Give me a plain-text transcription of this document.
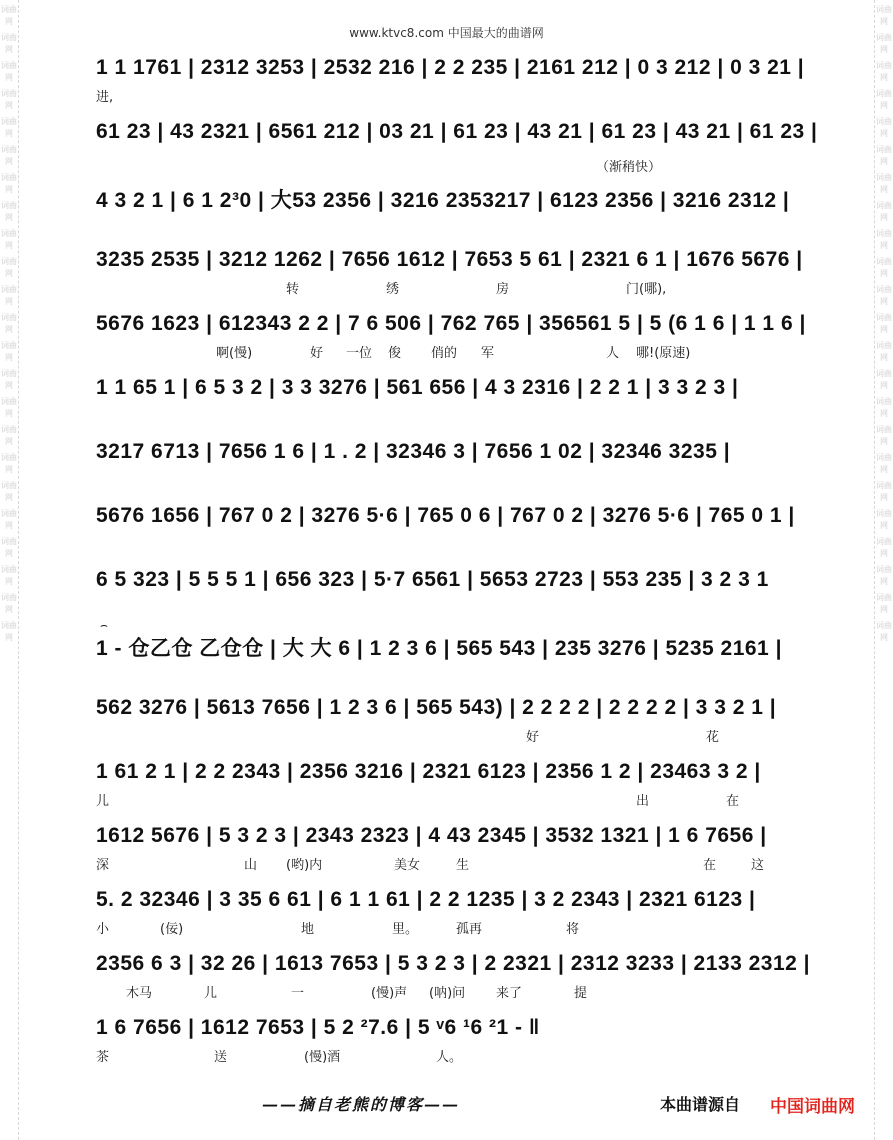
词曲网
词曲网
词曲网
词曲网
词曲网
词曲网
词曲网
词曲网
词曲网
词曲网
词曲网
词曲网
词曲网
词曲网
词曲网
词曲网
词曲网
词曲网
词曲网
词曲网
词曲网
词曲网
词曲网
词曲网
词曲网
词曲网
词曲网
词曲网
词曲网
词曲网
词曲网
词曲网
词曲网
词曲网
词曲网
词曲网
词曲网
词曲网
词曲网
词曲网
词曲网
词曲网
词曲网
词曲网
词曲网
词曲网
www.ktvc8.com 中国最大的曲谱网
1 1 1761 | 2312 3253 | 2532 216 | 2 2 235 | 2161 212 | 0 3 212 | 0 3 21 |
进,
61 23 | 43 2321 | 6561 212 | 03 21 | 61 23 | 43 21 | 61 23 | 43 21 | 61 23 |
（渐稍快）
4 3 2 1 | 6 1 2³0 | 大53 2356 | 3216 2353217 | 6123 2356 | 3216 2312 |
3235 2535 | 3212 1262 | 7656 1612 | 7653 5 61 | 2321 6 1 | 1676 5676 |
转	绣	房	门(哪),
5676 1623 | 612343 2 2 | 7 6 506 | 762 765 | 356561 5 | 5 (6 1 6 | 1 1 6 |
啊(慢)	好 一位 俊 俏的 军	人 哪!(原速)
1 1 65 1 | 6 5 3 2 | 3 3 3276 | 561 656 | 4 3 2316 | 2 2 1 | 3 3 2 3 |
3217 6713 | 7656 1 6 | 1 . 2 | 32346 3 | 7656 1 02 | 32346 3235 |
5676 1656 | 767 0 2 | 3276 5·6 | 765 0 6 | 767 0 2 | 3276 5·6 | 765 0 1 |
6 5 323 | 5 5 5 1 | 656 323 | 5·7 6561 | 5653 2723 | 553 235 | 3 2 3 1
⌢
1 - 仓乙仓 乙仓仓 | 大 大 6 | 1 2 3 6 | 565 543 | 235 3276 | 5235 2161 |
562 3276 | 5613 7656 | 1 2 3 6 | 565 543) | 2 2 2 2 | 2 2 2 2 | 3 3 2 1 |
好	花
1 61 2 1 | 2 2 2343 | 2356 3216 | 2321 6123 | 2356 1 2 | 23463 3 2 |
儿	出	在
1612 5676 | 5 3 2 3 | 2343 2323 | 4 43 2345 | 3532 1321 | 1 6 7656 |
深	山 (哟)内	美女	生	在	这
5. 2 32346 | 3 35 6 61 | 6 1 1 61 | 2 2 1235 | 3 2 2343 | 2321 6123 |
小	(佞)	地	里。	孤再	将
2356 6 3 | 32 26 | 1613 7653 | 5 3 2 3 | 2 2321 | 2312 3233 | 2133 2312 |
木马	儿	一	(慢)声 (呐)问 来了	提
1 6 7656 | 1612 7653 | 5 2 ²7.6 | 5 ᵛ6 ¹6 ²1 - ‖
茶	送	(慢)酒	人。
——摘自老熊的博客——	本曲谱源自 中国词曲网
